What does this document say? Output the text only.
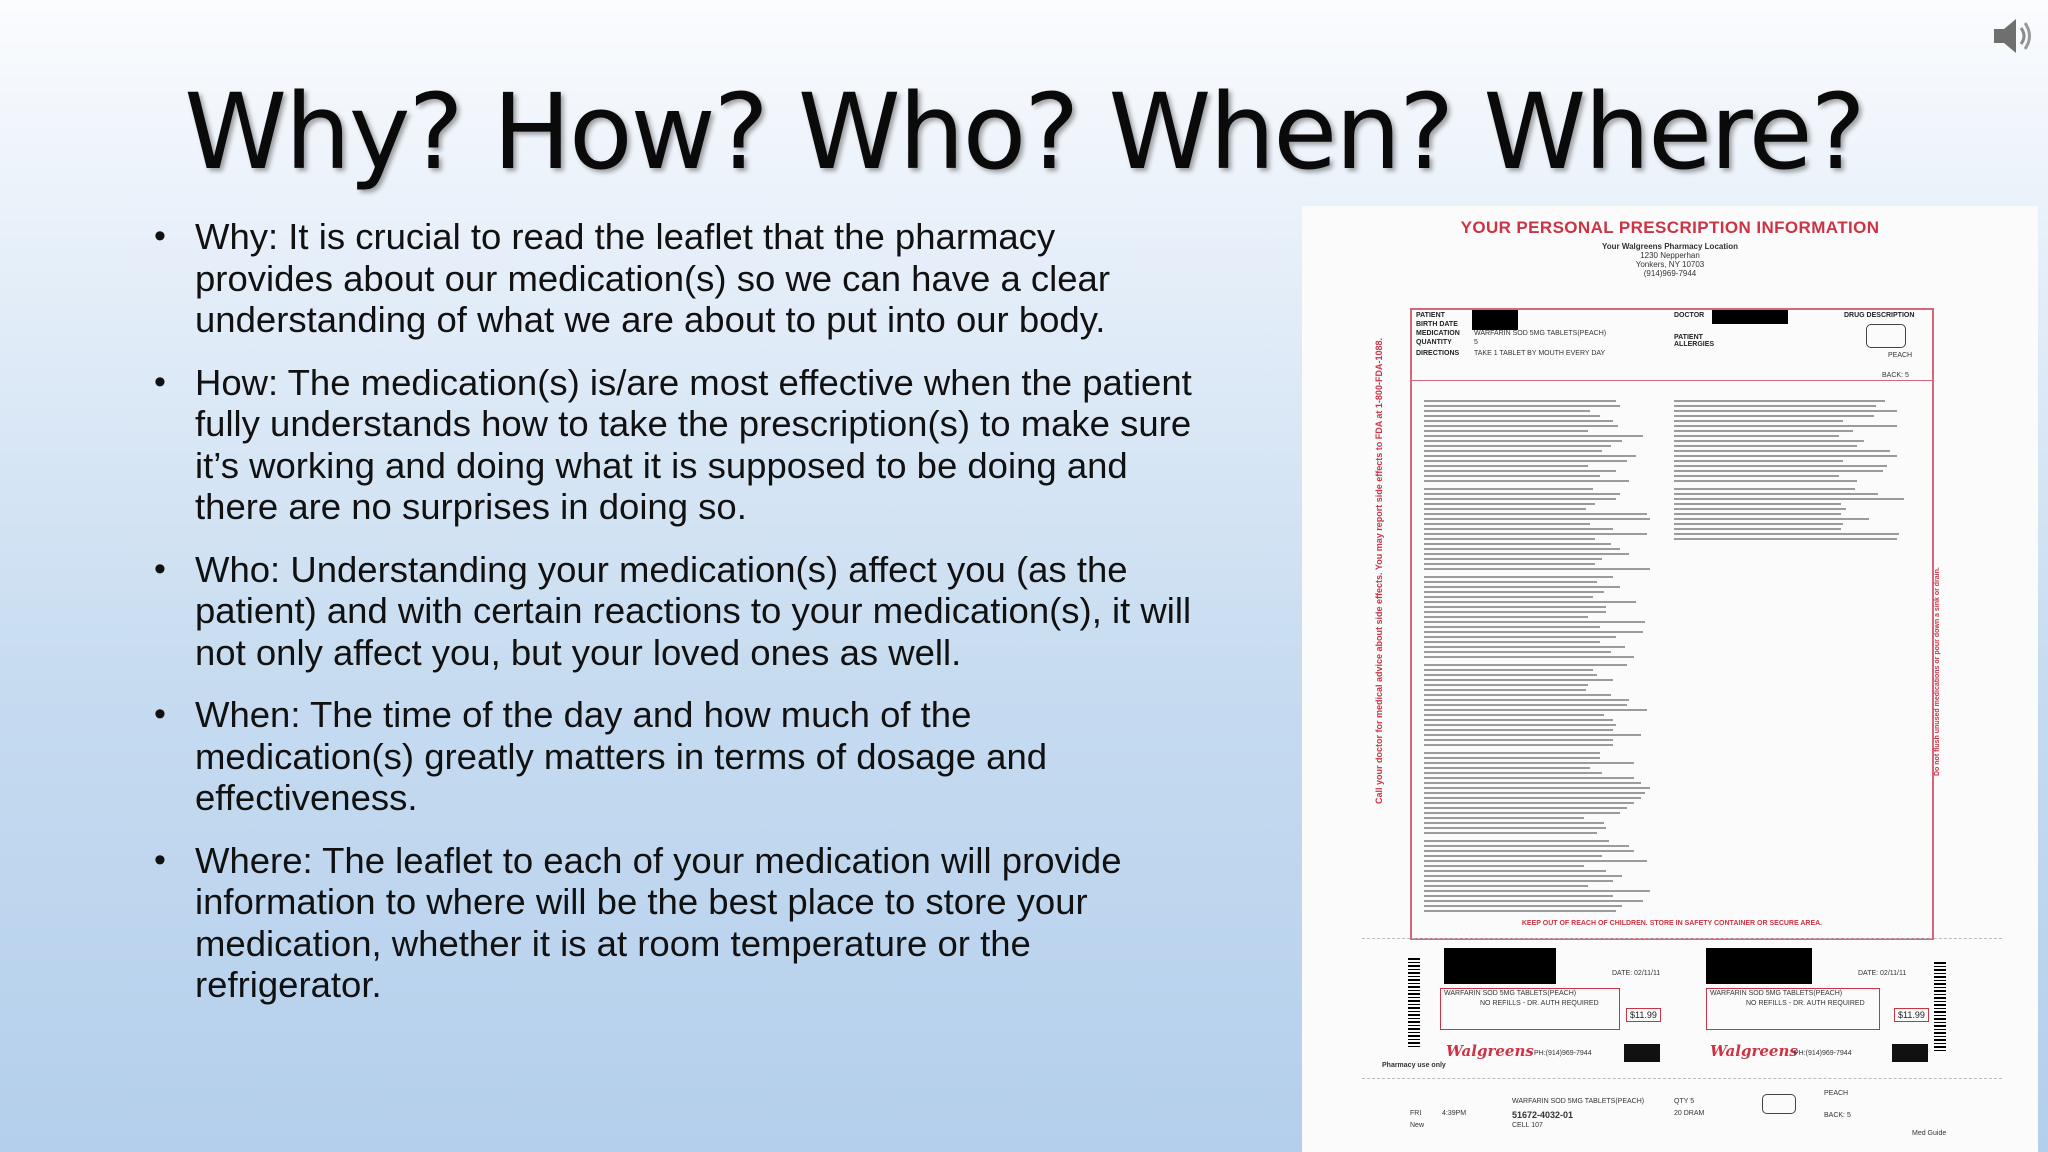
Why? How? Who? When? Where?
• Why: It is crucial to read the leaflet that the pharmacy provides about our medication(s) so we can have a clear understanding of what we are about to put into our body.
• How: The medication(s) is/are most effective when the patient fully understands how to take the prescription(s) to make sure it’s working and doing what it is supposed to be doing and there are no surprises in doing so.
• Who: Understanding your medication(s) affect you (as the patient) and with certain reactions to your medication(s), it will not only affect you, but your loved ones as well.
• When: The time of the day and how much of the medication(s) greatly matters in terms of dosage and effectiveness.
• Where: The leaflet to each of your medication will provide information to where will be the best place to store your medication, whether it is at room temperature or the refrigerator.
YOUR PERSONAL PRESCRIPTION INFORMATION
Your Walgreens Pharmacy Location
1230 Nepperhan
Yonkers, NY 10703
(914)969-7944
PATIENT
BIRTH DATE
MEDICATION WARFARIN SOD 5MG TABLETS(PEACH)
QUANTITY	5
DIRECTIONS TAKE 1 TABLET BY MOUTH EVERY DAY
DOCTOR
PATIENT ALLERGIES
DRUG DESCRIPTION
PEACH
BACK: 5
Call your doctor for medical advice about side effects. You may report side effects to FDA at 1-800-FDA-1088.	Do not flush unused medications or pour down a sink or drain.
KEEP OUT OF REACH OF CHILDREN. STORE IN SAFETY CONTAINER OR SECURE AREA.
DATE: 02/11/11
WARFARIN SOD 5MG TABLETS(PEACH)
NO REFILLS - DR. AUTH REQUIRED
$11.99
Walgreens PH:(914)969-7944
Pharmacy use only
DATE: 02/11/11
WARFARIN SOD 5MG TABLETS(PEACH)
NO REFILLS - DR. AUTH REQUIRED
$11.99
Walgreens
PH:(914)969-7944
FRI	4:39PM
New
WARFARIN SOD 5MG TABLETS(PEACH)
51672-4032-01
CELL 107
QTY 5
20 DRAM
PEACH
BACK: 5
Med Guide
